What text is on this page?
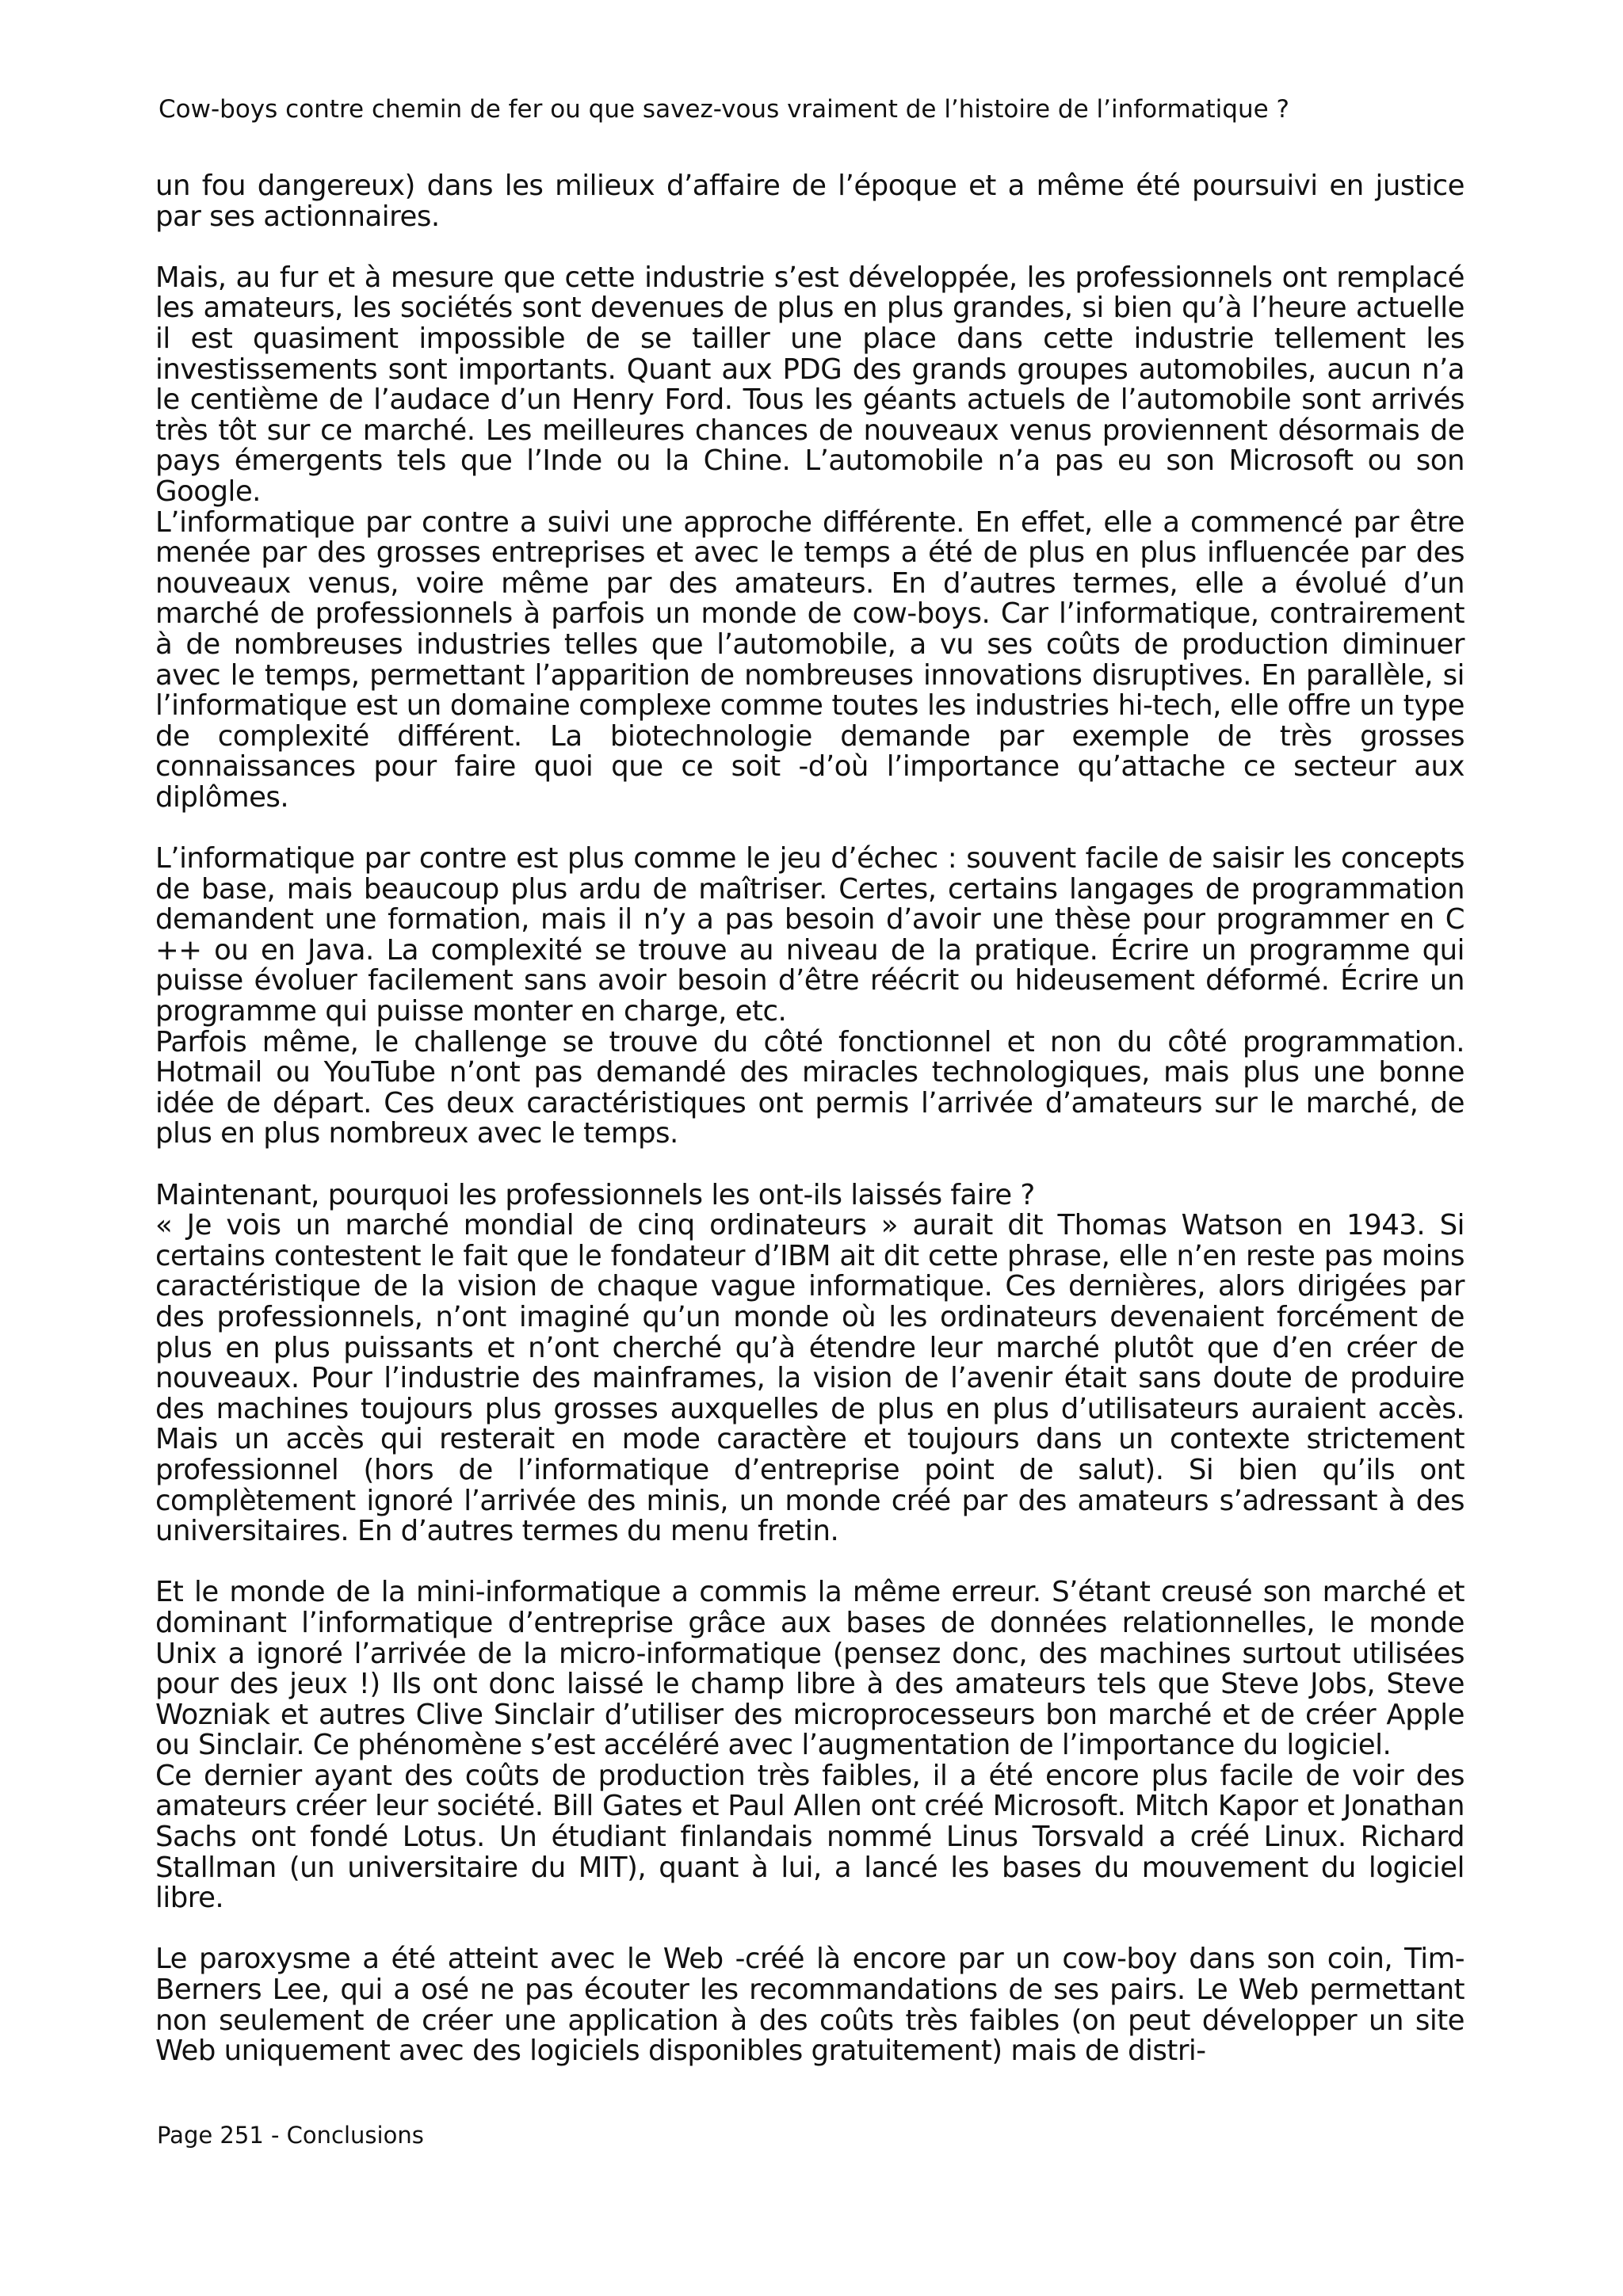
Cow-boys contre chemin de fer ou que savez-vous vraiment de l’histoire de l’informatique ?

un fou dangereux) dans les milieux d’affaire de l’époque et a même été poursuivi en justice par ses actionnaires.

Mais, au fur et à mesure que cette industrie s’est développée, les professionnels ont remplacé les amateurs, les sociétés sont devenues de plus en plus grandes, si bien qu’à l’heure actuelle il est quasiment impossible de se tailler une place dans cette industrie tellement les investissements sont importants. Quant aux PDG des grands groupes automobiles, aucun n’a le centième de l’audace d’un Henry Ford. Tous les géants actuels de l’automobile sont arrivés très tôt sur ce marché. Les meilleures chances de nouveaux venus proviennent désormais de pays émergents tels que l’Inde ou la Chine. L’automobile n’a pas eu son Microsoft ou son Google.

L’informatique par contre a suivi une approche différente. En effet, elle a commencé par être menée par des grosses entreprises et avec le temps a été de plus en plus influencée par des nouveaux venus, voire même par des amateurs. En d’autres termes, elle a évolué d’un marché de professionnels à parfois un monde de cow-boys. Car l’informatique, contrairement à de nombreuses industries telles que l’automobile, a vu ses coûts de production diminuer avec le temps, permettant l’apparition de nombreuses innovations disruptives. En parallèle, si l’informatique est un domaine complexe comme toutes les industries hi-tech, elle offre un type de complexité différent. La biotechnologie demande par exemple de très grosses connaissances pour faire quoi que ce soit -d’où l’importance qu’attache ce secteur aux diplômes.

L’informatique par contre est plus comme le jeu d’échec : souvent facile de saisir les concepts de base, mais beaucoup plus ardu de maîtriser. Certes, certains langages de programmation demandent une formation, mais il n’y a pas besoin d’avoir une thèse pour programmer en C ++ ou en Java. La complexité se trouve au niveau de la pratique. Écrire un programme qui puisse évoluer facilement sans avoir besoin d’être réécrit ou hideusement déformé. Écrire un programme qui puisse monter en charge, etc.

Parfois même, le challenge se trouve du côté fonctionnel et non du côté programmation. Hotmail ou YouTube n’ont pas demandé des miracles technologiques, mais plus une bonne idée de départ. Ces deux caractéristiques ont permis l’arrivée d’amateurs sur le marché, de plus en plus nombreux avec le temps.

Maintenant, pourquoi les professionnels les ont-ils laissés faire ?

« Je vois un marché mondial de cinq ordinateurs » aurait dit Thomas Watson en 1943. Si certains contestent le fait que le fondateur d’IBM ait dit cette phrase, elle n’en reste pas moins caractéristique de la vision de chaque vague informatique. Ces dernières, alors dirigées par des professionnels, n’ont imaginé qu’un monde où les ordinateurs devenaient forcément de plus en plus puissants et n’ont cherché qu’à étendre leur marché plutôt que d’en créer de nouveaux. Pour l’industrie des mainframes, la vision de l’avenir était sans doute de produire des machines toujours plus grosses auxquelles de plus en plus d’utilisateurs auraient accès. Mais un accès qui resterait en mode caractère et toujours dans un contexte strictement professionnel (hors de l’informatique d’entreprise point de salut). Si bien qu’ils ont complètement ignoré l’arrivée des minis, un monde créé par des amateurs s’adressant à des universitaires. En d’autres termes du menu fretin.

Et le monde de la mini-informatique a commis la même erreur. S’étant creusé son marché et dominant l’informatique d’entreprise grâce aux bases de données relationnelles, le monde Unix a ignoré l’arrivée de la micro-informatique (pensez donc, des machines surtout utilisées pour des jeux !) Ils ont donc laissé le champ libre à des amateurs tels que Steve Jobs, Steve Wozniak et autres Clive Sinclair d’utiliser des microprocesseurs bon marché et de créer Apple ou Sinclair. Ce phénomène s’est accéléré avec l’augmentation de l’importance du logiciel.

Ce dernier ayant des coûts de production très faibles, il a été encore plus facile de voir des amateurs créer leur société. Bill Gates et Paul Allen ont créé Microsoft. Mitch Kapor et Jonathan Sachs ont fondé Lotus. Un étudiant finlandais nommé Linus Torsvald a créé Linux. Richard Stallman (un universitaire du MIT), quant à lui, a lancé les bases du mouvement du logiciel libre.

Le paroxysme a été atteint avec le Web -créé là encore par un cow-boy dans son coin, Tim-Berners Lee, qui a osé ne pas écouter les recommandations de ses pairs. Le Web permettant non seulement de créer une application à des coûts très faibles (on peut développer un site Web uniquement avec des logiciels disponibles gratuitement) mais de distri-

Page 251 - Conclusions
